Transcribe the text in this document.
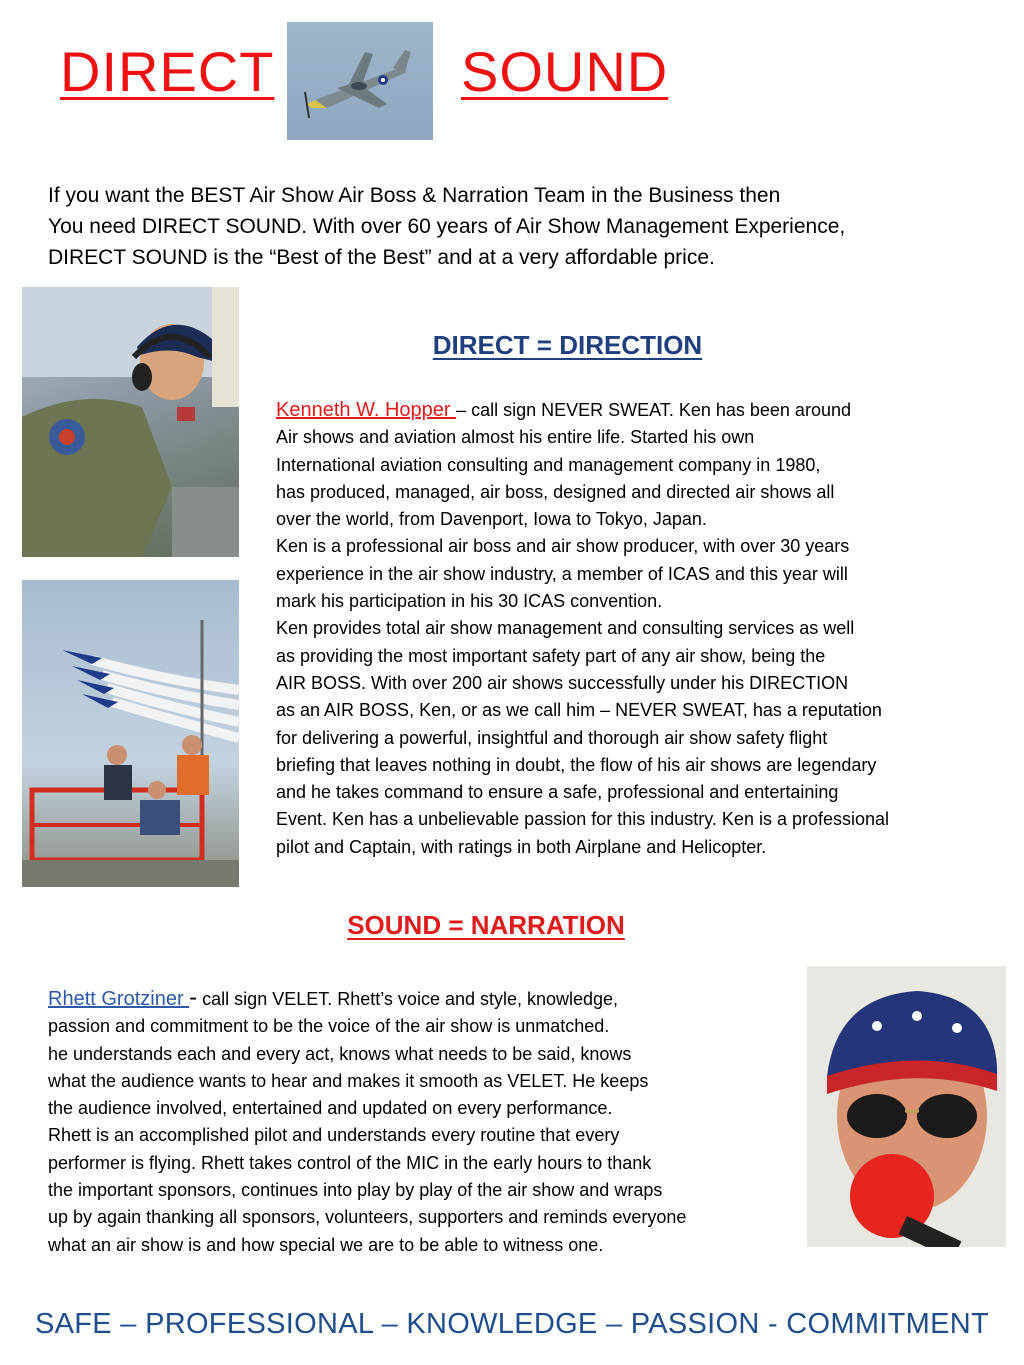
DIRECT	SOUND
If you want the BEST Air Show Air Boss & Narration Team in the Business then
You need DIRECT SOUND. With over 60 years of Air Show Management Experience,
DIRECT SOUND is the “Best of the Best” and at a very affordable price.
DIRECT = DIRECTION
Kenneth W. Hopper – call sign NEVER SWEAT. Ken has been around
Air shows and aviation almost his entire life. Started his own
International aviation consulting and management company in 1980,
has produced, managed, air boss, designed and directed air shows all
over the world, from Davenport, Iowa to Tokyo, Japan.
Ken is a professional air boss and air show producer, with over 30 years
experience in the air show industry, a member of ICAS and this year will
mark his participation in his 30 ICAS convention.
Ken provides total air show management and consulting services as well
as providing the most important safety part of any air show, being the
AIR BOSS. With over 200 air shows successfully under his DIRECTION
as an AIR BOSS, Ken, or as we call him – NEVER SWEAT, has a reputation
for delivering a powerful, insightful and thorough air show safety flight
briefing that leaves nothing in doubt, the flow of his air shows are legendary
and he takes command to ensure a safe, professional and entertaining
Event. Ken has a unbelievable passion for this industry. Ken is a professional
pilot and Captain, with ratings in both Airplane and Helicopter.
SOUND = NARRATION
Rhett Grotziner - call sign VELET. Rhett’s voice and style, knowledge,
passion and commitment to be the voice of the air show is unmatched.
he understands each and every act, knows what needs to be said, knows
what the audience wants to hear and makes it smooth as VELET. He keeps
the audience involved, entertained and updated on every performance.
Rhett is an accomplished pilot and understands every routine that every
performer is flying. Rhett takes control of the MIC in the early hours to thank
the important sponsors, continues into play by play of the air show and wraps
up by again thanking all sponsors, volunteers, supporters and reminds everyone
what an air show is and how special we are to be able to witness one.
SAFE – PROFESSIONAL – KNOWLEDGE – PASSION - COMMITMENT
